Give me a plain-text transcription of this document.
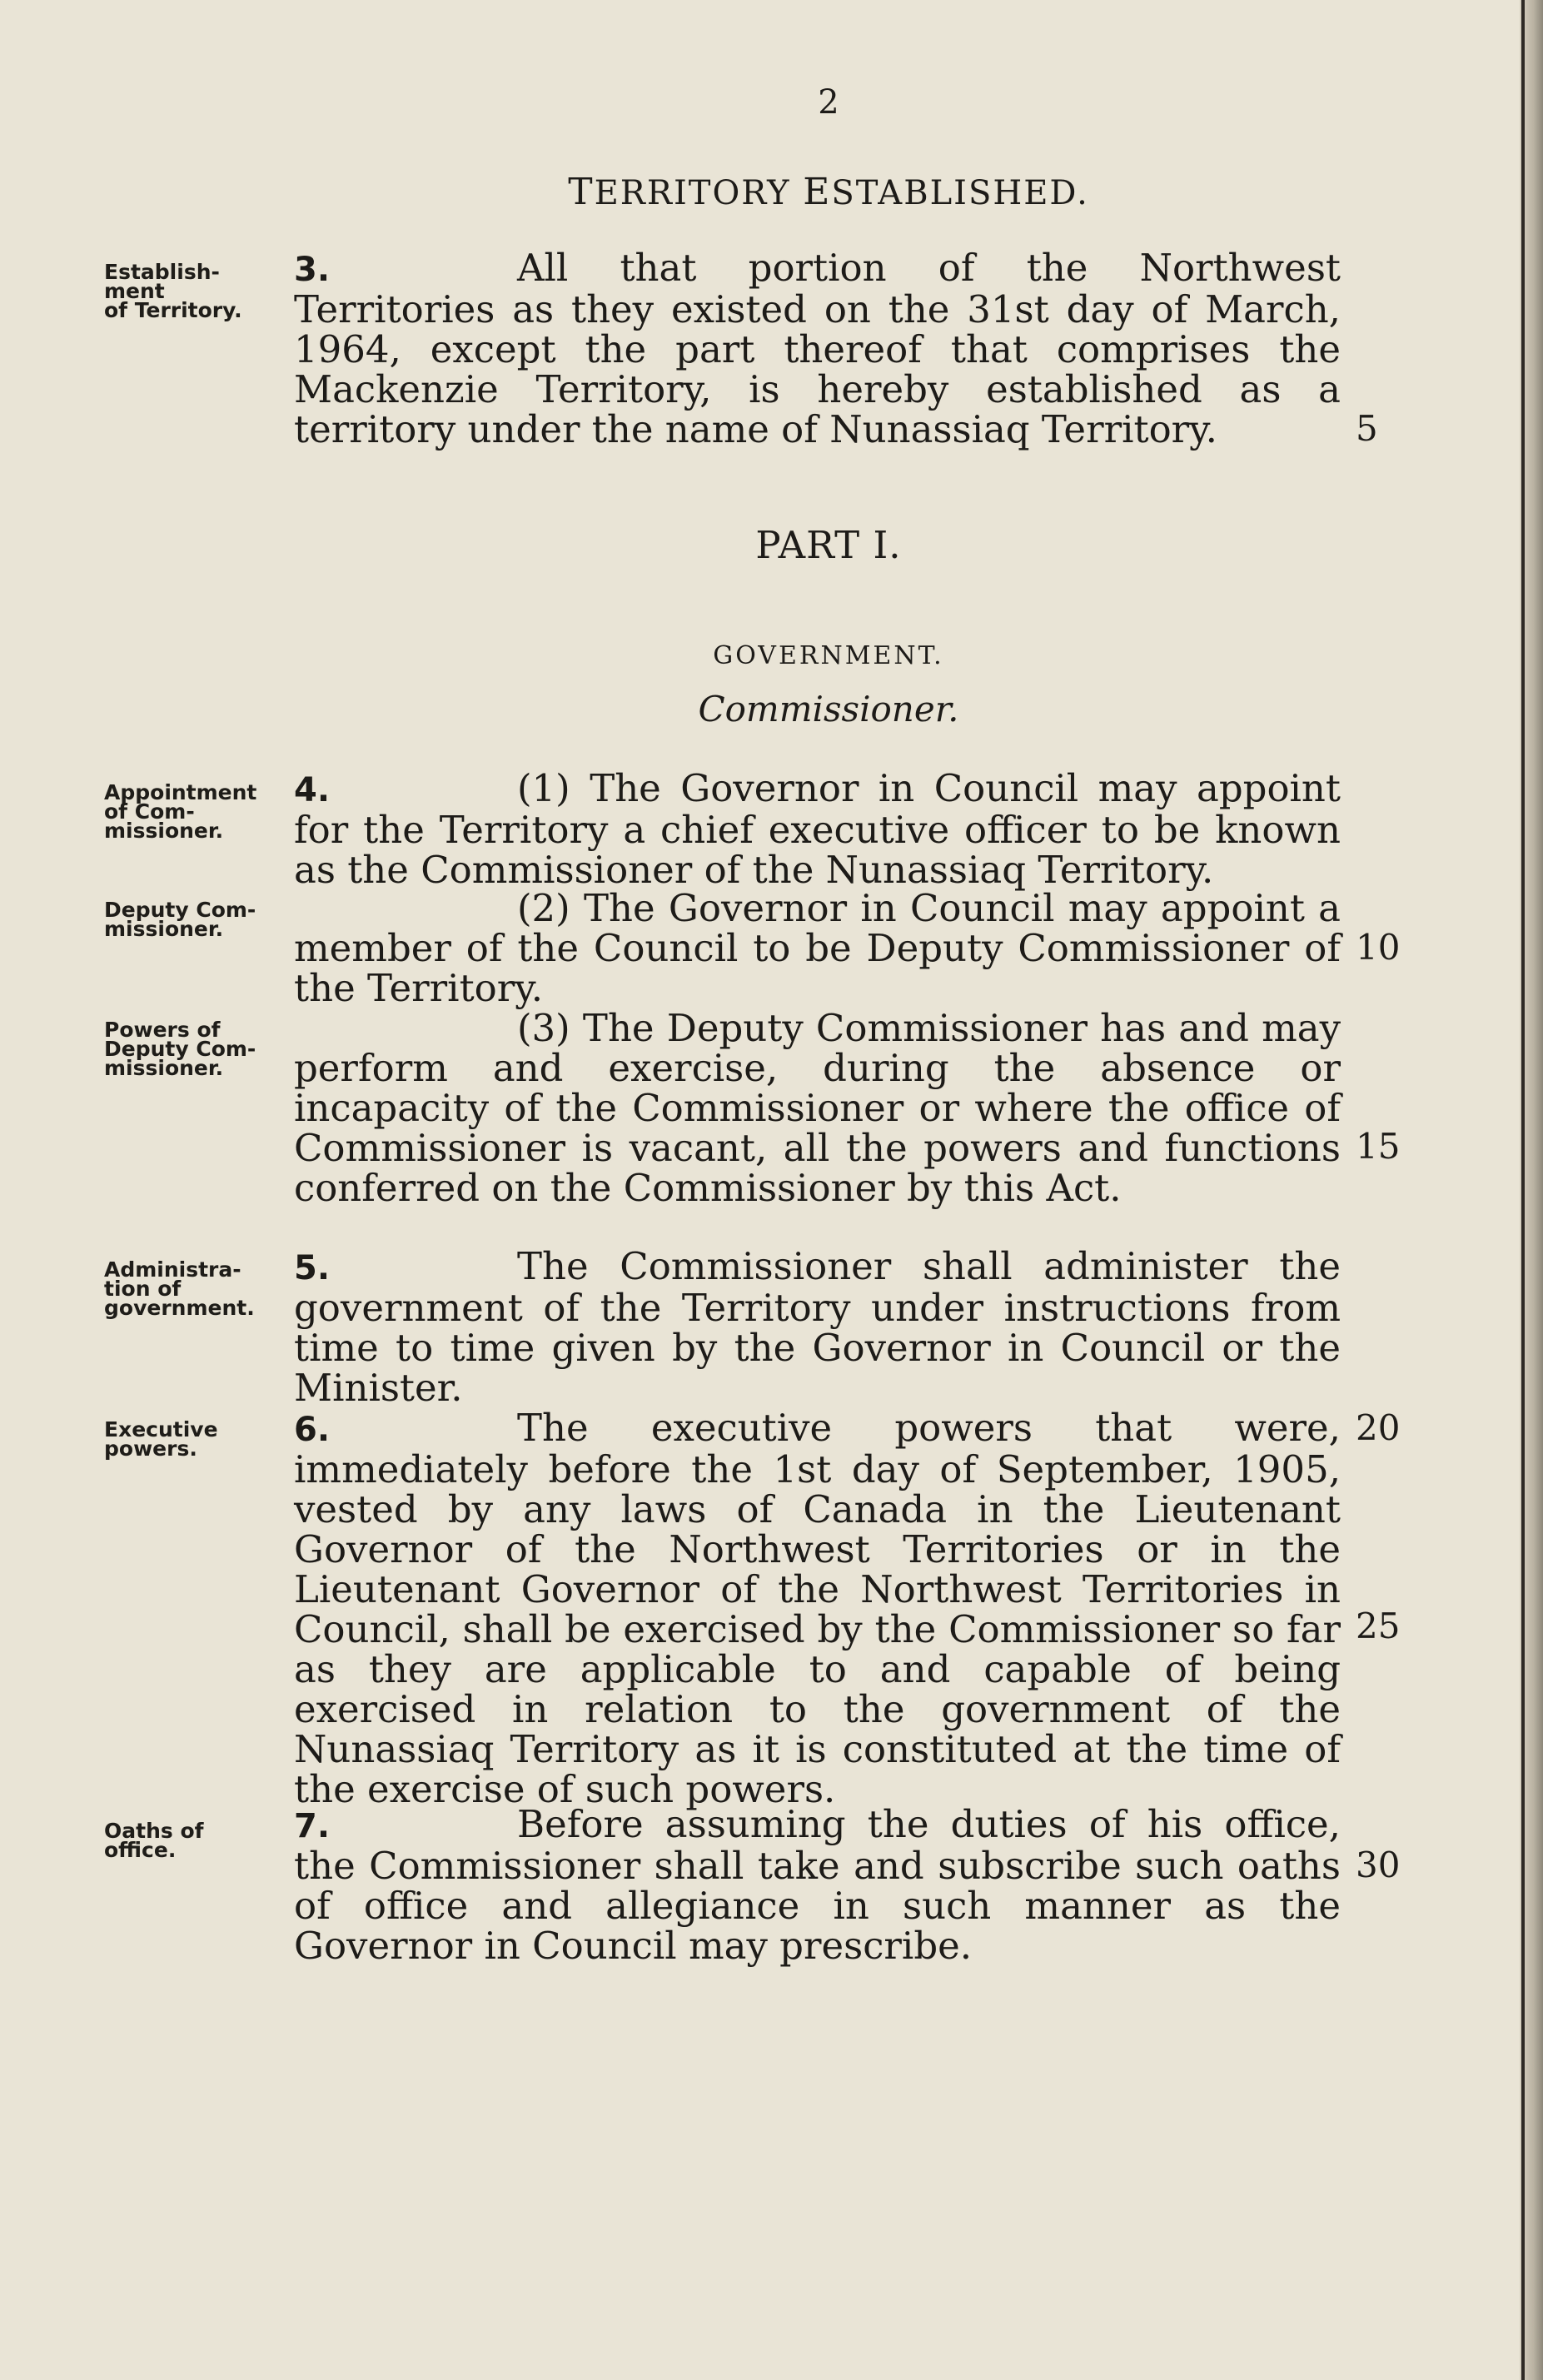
2
TERRITORY ESTABLISHED.
Establish-
ment
of Territory.
3.	All that portion of the Northwest Territories as they existed on the 31st day of March, 1964, except the part thereof that comprises the Mackenzie Territory, is hereby established as a territory under the name of Nunassiaq Territory.
PART I.
GOVERNMENT.
Commissioner.
Appointment
of Com-
missioner.
4.	(1) The Governor in Council may appoint for the Territory a chief executive officer to be known as the Commissioner of the Nunassiaq Territory.
Deputy Com-
missioner.	(2) The Governor in Council may appoint a member of the Council to be Deputy Commissioner of the Territory.
Powers of
Deputy Com-
missioner.
(3) The Deputy Commissioner has and may perform and exercise, during the absence or incapacity of the Commissioner or where the office of Commissioner is vacant, all the powers and functions conferred on the Commissioner by this Act.
Administra-
tion of
government.
5.	The Commissioner shall administer the government of the Territory under instructions from time to time given by the Governor in Council or the Minister.
Executive
powers.	6.	The executive powers that were, immediately before the 1st day of September, 1905, vested by any laws of Canada in the Lieutenant Governor of the Northwest Territories or in the Lieutenant Governor of the Northwest Territories in Council, shall be exercised by the Commissioner so far as they are applicable to and capable of being exercised in relation to the government of the Nunassiaq Territory as it is constituted at the time of the exercise of such powers.
Oaths of
office.
7.	Before assuming the duties of his office, the Commissioner shall take and subscribe such oaths of office and allegiance in such manner as the Governor in Council may prescribe.
5
10
15
20
25
30
